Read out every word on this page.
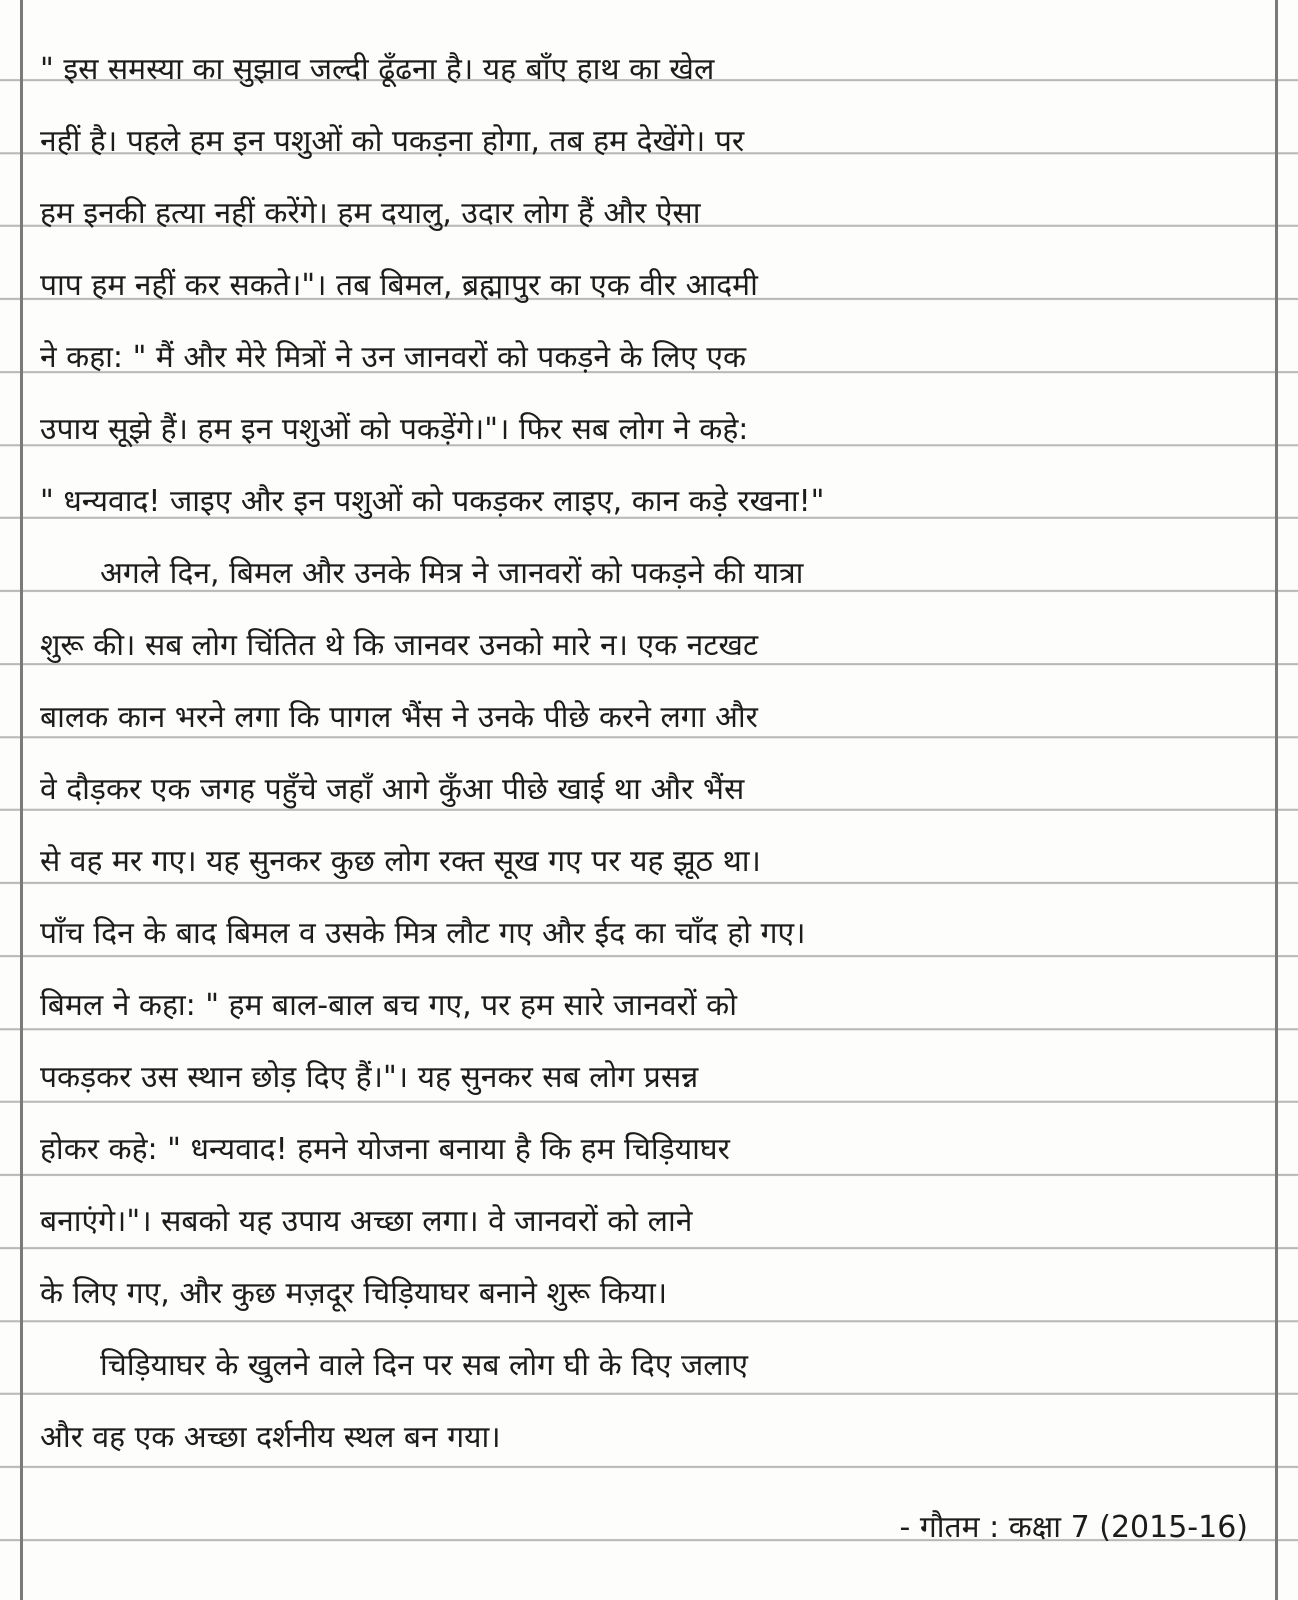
" इस समस्या का सुझाव जल्दी ढूँढना है। यह बाँए हाथ का खेल
नहीं है। पहले हम इन पशुओं को पकड़ना होगा, तब हम देखेंगे। पर
हम इनकी हत्या नहीं करेंगे। हम दयालु, उदार लोग हैं और ऐसा
पाप हम नहीं कर सकते।"। तब बिमल, ब्रह्मापुर का एक वीर आदमी
ने कहा: " मैं और मेरे मित्रों ने उन जानवरों को पकड़ने के लिए एक
उपाय सूझे हैं। हम इन पशुओं को पकड़ेंगे।"। फिर सब लोग ने कहे:
" धन्यवाद! जाइए और इन पशुओं को पकड़कर लाइए, कान कड़े रखना!"
अगले दिन, बिमल और उनके मित्र ने जानवरों को पकड़ने की यात्रा
शुरू की। सब लोग चिंतित थे कि जानवर उनको मारे न। एक नटखट
बालक कान भरने लगा कि पागल भैंस ने उनके पीछे करने लगा और
वे दौड़कर एक जगह पहुँचे जहाँ आगे कुँआ पीछे खाई था और भैंस
से वह मर गए। यह सुनकर कुछ लोग रक्त सूख गए पर यह झूठ था।
पाँच दिन के बाद बिमल व उसके मित्र लौट गए और ईद का चाँद हो गए।
बिमल ने कहा: " हम बाल-बाल बच गए, पर हम सारे जानवरों को
पकड़कर उस स्थान छोड़ दिए हैं।"। यह सुनकर सब लोग प्रसन्न
होकर कहे: " धन्यवाद! हमने योजना बनाया है कि हम चिड़ियाघर
बनाएंगे।"। सबको यह उपाय अच्छा लगा। वे जानवरों को लाने
के लिए गए, और कुछ मज़दूर चिड़ियाघर बनाने शुरू किया।
चिड़ियाघर के खुलने वाले दिन पर सब लोग घी के दिए जलाए
और वह एक अच्छा दर्शनीय स्थल बन गया।
- गौतम : कक्षा 7 (2015-16)
